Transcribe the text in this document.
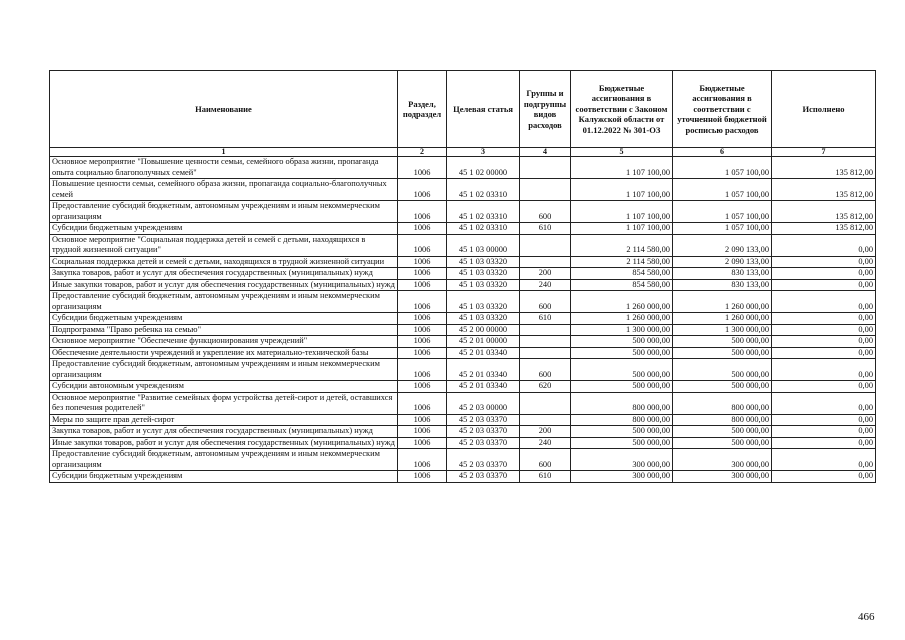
Наименование	Раздел, подраздел	Целевая статья	Группы и подгруппы видов расходов	Бюджетные ассигнования в соответствии с Законом Калужской области от 01.12.2022 № 301-ОЗ	Бюджетные ассигнования в соответствии с уточненной бюджетной росписью расходов	Исполнено
1	2	3	4	5	6	7
Основное мероприятие "Повышение ценности семьи, семейного образа жизни, пропаганда опыта социально благополучных семей"	1006	45 1 02 00000		1 107 100,00	1 057 100,00	135 812,00
Повышение ценности семьи, семейного образа жизни, пропаганда социально-благополучных семей	1006	45 1 02 03310		1 107 100,00	1 057 100,00	135 812,00
Предоставление субсидий бюджетным, автономным учреждениям и иным некоммерческим организациям	1006	45 1 02 03310	600	1 107 100,00	1 057 100,00	135 812,00
Субсидии бюджетным учреждениям	1006	45 1 02 03310	610	1 107 100,00	1 057 100,00	135 812,00
Основное мероприятие "Социальная поддержка детей и семей с детьми, находящихся в трудной жизненной ситуации"	1006	45 1 03 00000		2 114 580,00	2 090 133,00	0,00
Социальная поддержка детей и семей с детьми, находящихся в трудной жизненной ситуации	1006	45 1 03 03320		2 114 580,00	2 090 133,00	0,00
Закупка товаров, работ и услуг для обеспечения государственных (муниципальных) нужд	1006	45 1 03 03320	200	854 580,00	830 133,00	0,00
Иные закупки товаров, работ и услуг для обеспечения государственных (муниципальных) нужд	1006	45 1 03 03320	240	854 580,00	830 133,00	0,00
Предоставление субсидий бюджетным, автономным учреждениям и иным некоммерческим организациям	1006	45 1 03 03320	600	1 260 000,00	1 260 000,00	0,00
Субсидии бюджетным учреждениям	1006	45 1 03 03320	610	1 260 000,00	1 260 000,00	0,00
Подпрограмма "Право ребенка на семью"	1006	45 2 00 00000		1 300 000,00	1 300 000,00	0,00
Основное мероприятие "Обеспечение функционирования учреждений"	1006	45 2 01 00000		500 000,00	500 000,00	0,00
Обеспечение деятельности учреждений и укрепление их материально-технической базы	1006	45 2 01 03340		500 000,00	500 000,00	0,00
Предоставление субсидий бюджетным, автономным учреждениям и иным некоммерческим организациям	1006	45 2 01 03340	600	500 000,00	500 000,00	0,00
Субсидии автономным учреждениям	1006	45 2 01 03340	620	500 000,00	500 000,00	0,00
Основное мероприятие "Развитие семейных форм устройства детей-сирот и детей, оставшихся без попечения родителей"	1006	45 2 03 00000		800 000,00	800 000,00	0,00
Меры по защите прав детей-сирот	1006	45 2 03 03370		800 000,00	800 000,00	0,00
Закупка товаров, работ и услуг для обеспечения государственных (муниципальных) нужд	1006	45 2 03 03370	200	500 000,00	500 000,00	0,00
Иные закупки товаров, работ и услуг для обеспечения государственных (муниципальных) нужд	1006	45 2 03 03370	240	500 000,00	500 000,00	0,00
Предоставление субсидий бюджетным, автономным учреждениям и иным некоммерческим организациям	1006	45 2 03 03370	600	300 000,00	300 000,00	0,00
Субсидии бюджетным учреждениям	1006	45 2 03 03370	610	300 000,00	300 000,00	0,00
466
